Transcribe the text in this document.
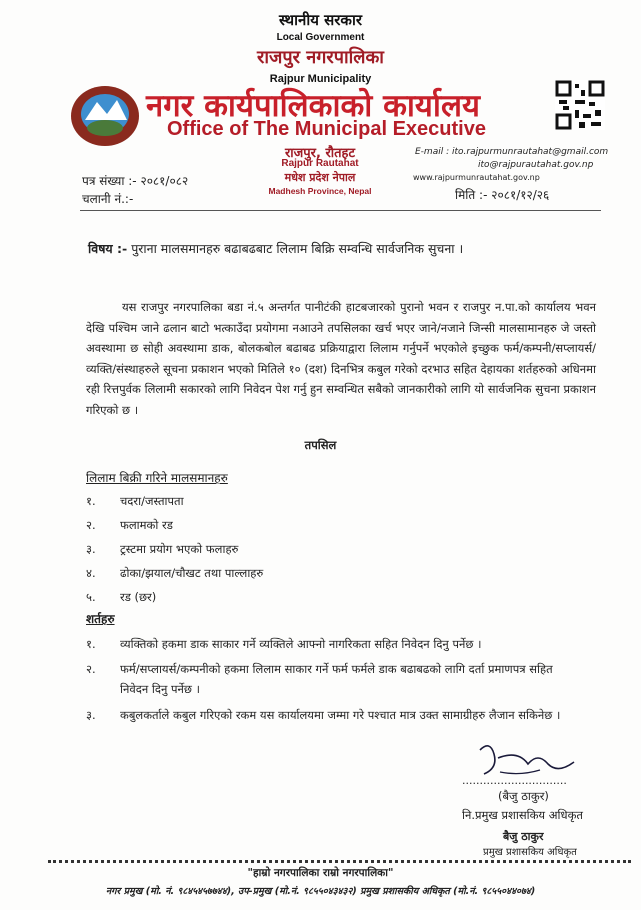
स्थानीय सरकार
Local Government
राजपुर नगरपालिका
Rajpur Municipality
नगर कार्यपालिकाको कार्यालय
Office of The Municipal Executive
राजपुर, रौतहट
Rajpur Rautahat
मधेश प्रदेश नेपाल
Madhesh Province, Nepal
E-mail : ito.rajpurmunrautahat@gmail.com
ito@rajpurautahat.gov.np
www.rajpurmunrautahat.gov.np
पत्र संख्या :- २०८१/०८२
चलानी नं.:-	मिति :- २०८१/१२/२६
विषय :- पुराना मालसमानहरु बढाबढबाट लिलाम बिक्रि सम्वन्धि सार्वजनिक सुचना ।
यस राजपुर नगरपालिका बडा नं.५ अन्तर्गत पानीटंकी हाटबजारको पुरानो भवन र राजपुर न.पा.को कार्यालय भवन देखि पश्चिम जाने ढलान बाटो भत्काउँदा प्रयोगमा नआउने तपसिलका खर्च भएर जाने/नजाने जिन्सी मालसामानहरु जे जस्तो अवस्थामा छ सोही अवस्थामा डाक, बोलकबोल बढाबढ प्रक्रियाद्वारा लिलाम गर्नुपर्ने भएकोले इच्छुक फर्म/कम्पनी/सप्लायर्स/व्यक्ति/संस्थाहरुले सूचना प्रकाशन भएको मितिले १० (दश) दिनभित्र कबुल गरेको दरभाउ सहित देहायका शर्तहरुको अधिनमा रही रित्तपुर्वक लिलामी सकारको लागि निवेदन पेश गर्नु हुन सम्वन्धित सबैको जानकारीको लागि यो सार्वजनिक सुचना प्रकाशन गरिएको छ ।
तपसिल
लिलाम बिक्री गरिने मालसमानहरु
१. चदरा/जस्तापता
२. फलामको रड
३. ट्रस्टमा प्रयोग भएको फलाहरु
४. ढोका/झयाल/चौखट तथा पाल्लाहरु
५. रड (छर)
शर्तहरु
१. व्यक्तिको हकमा डाक साकार गर्ने व्यक्तिले आफ्नो नागरिकता सहित निवेदन दिनु पर्नेछ ।
२. फर्म/सप्लायर्स/कम्पनीको हकमा लिलाम साकार गर्ने फर्म फर्मले डाक बढाबढको लागि दर्ता प्रमाणपत्र सहित निवेदन दिनु पर्नेछ ।
३. कबुलकर्ताले कबुल गरिएको रकम यस कार्यालयमा जम्मा गरे पश्चात मात्र उक्त सामाग्रीहरु लैजान सकिनेछ ।
..............................
(बैजु ठाकुर)
नि.प्रमुख प्रशासकिय अधिकृत
बैजु ठाकुर
प्रमुख प्रशासकिय अधिकृत
"हाम्रो नगरपालिका राम्रो नगरपालिका"
नगर प्रमुख (मो. नं. ९८४५४५७७४४), उप-प्रमुख (मो.नं. ९८५५०४३४३२) प्रमुख प्रशासकीय अधिकृत (मो.नं. ९८५५०४४०७४)
